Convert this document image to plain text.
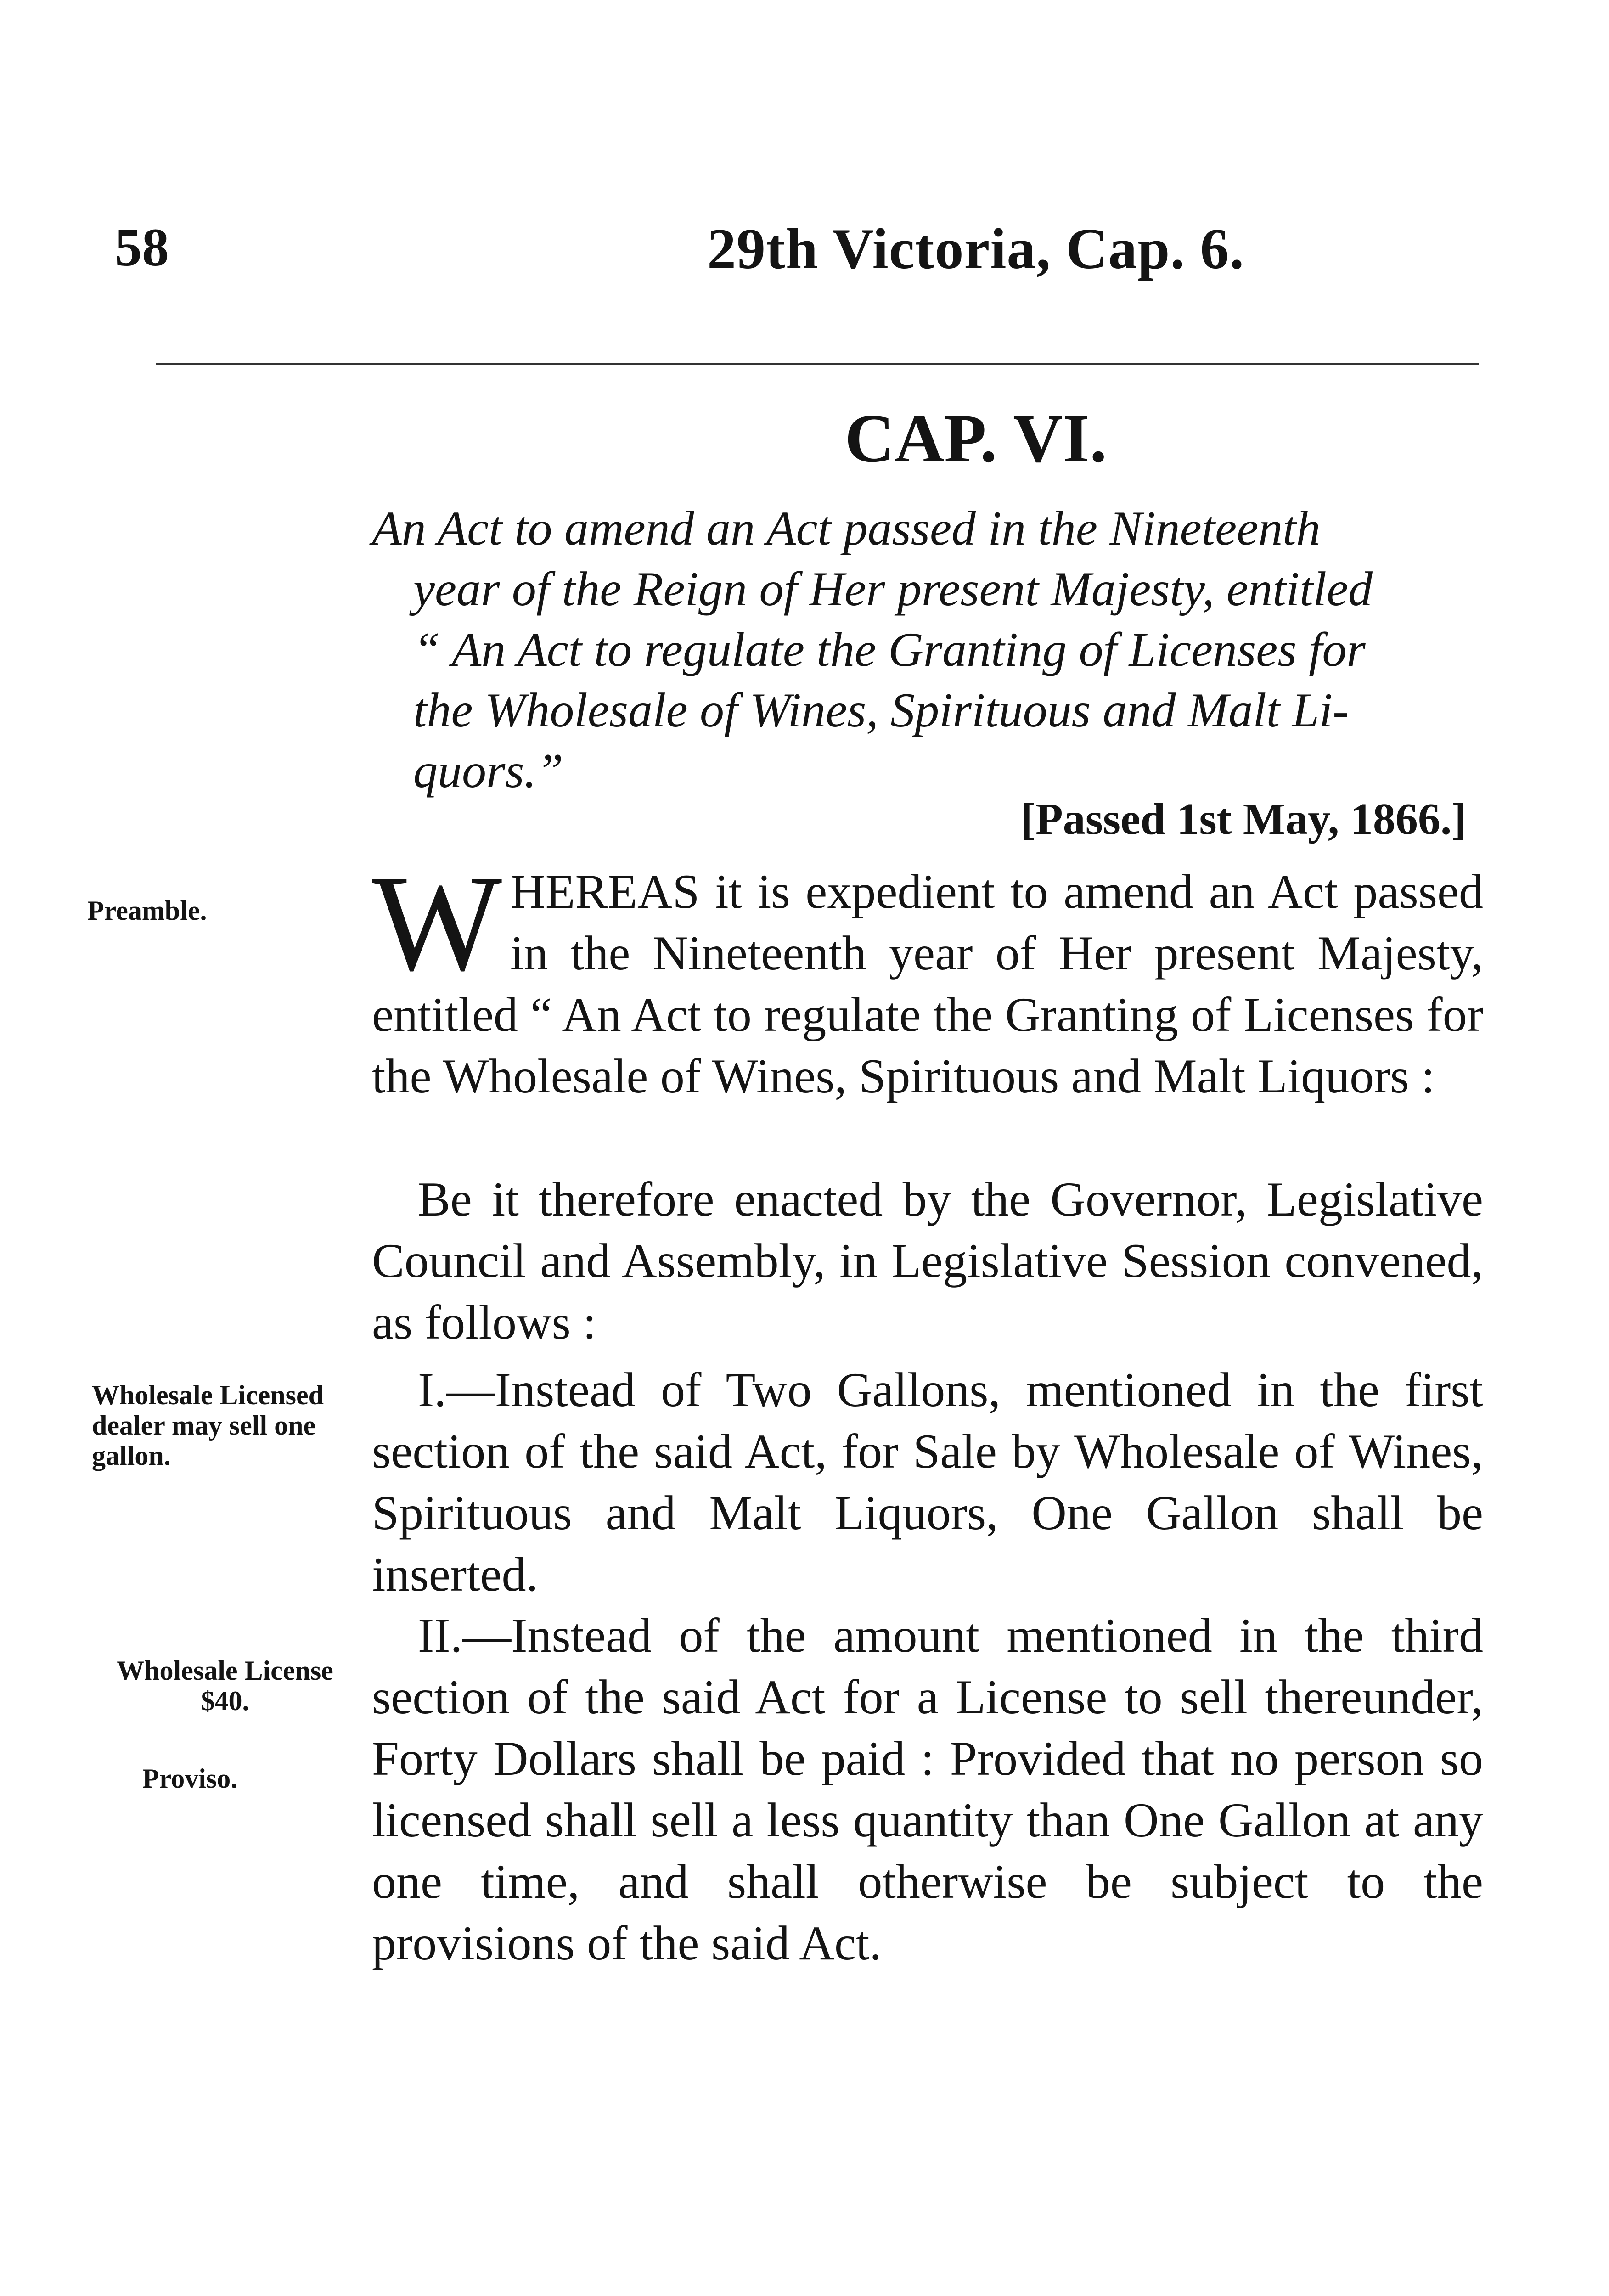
58	29th Victoria, Cap. 6.
CAP. VI.

An Act to amend an Act passed in the Nineteenth
year of the Reign of Her present Majesty, entitled
“ An Act to regulate the Granting of Licenses for
the Wholesale of Wines, Spirituous and Malt Li-
quors.”

[Passed 1st May, 1866.]
Preamble.	WHEREAS it is expedient to amend an Act passed in the Nineteenth year of Her present Majesty, entitled “ An Act to regulate the Granting of Licenses for the Wholesale of Wines, Spirituous and Malt Liquors :

Be it therefore enacted by the Governor, Legislative Council and Assembly, in Legislative Session convened, as follows :

Wholesale Licensed dealer may sell one gallon.

I.—Instead of Two Gallons, mentioned in the first section of the said Act, for Sale by Wholesale of Wines, Spirituous and Malt Liquors, One Gallon shall be inserted.

Wholesale License $40.
Proviso.

II.—Instead of the amount mentioned in the third section of the said Act for a License to sell thereunder, Forty Dollars shall be paid : Provided that no person so licensed shall sell a less quantity than One Gallon at any one time, and shall otherwise be subject to the provisions of the said Act.
